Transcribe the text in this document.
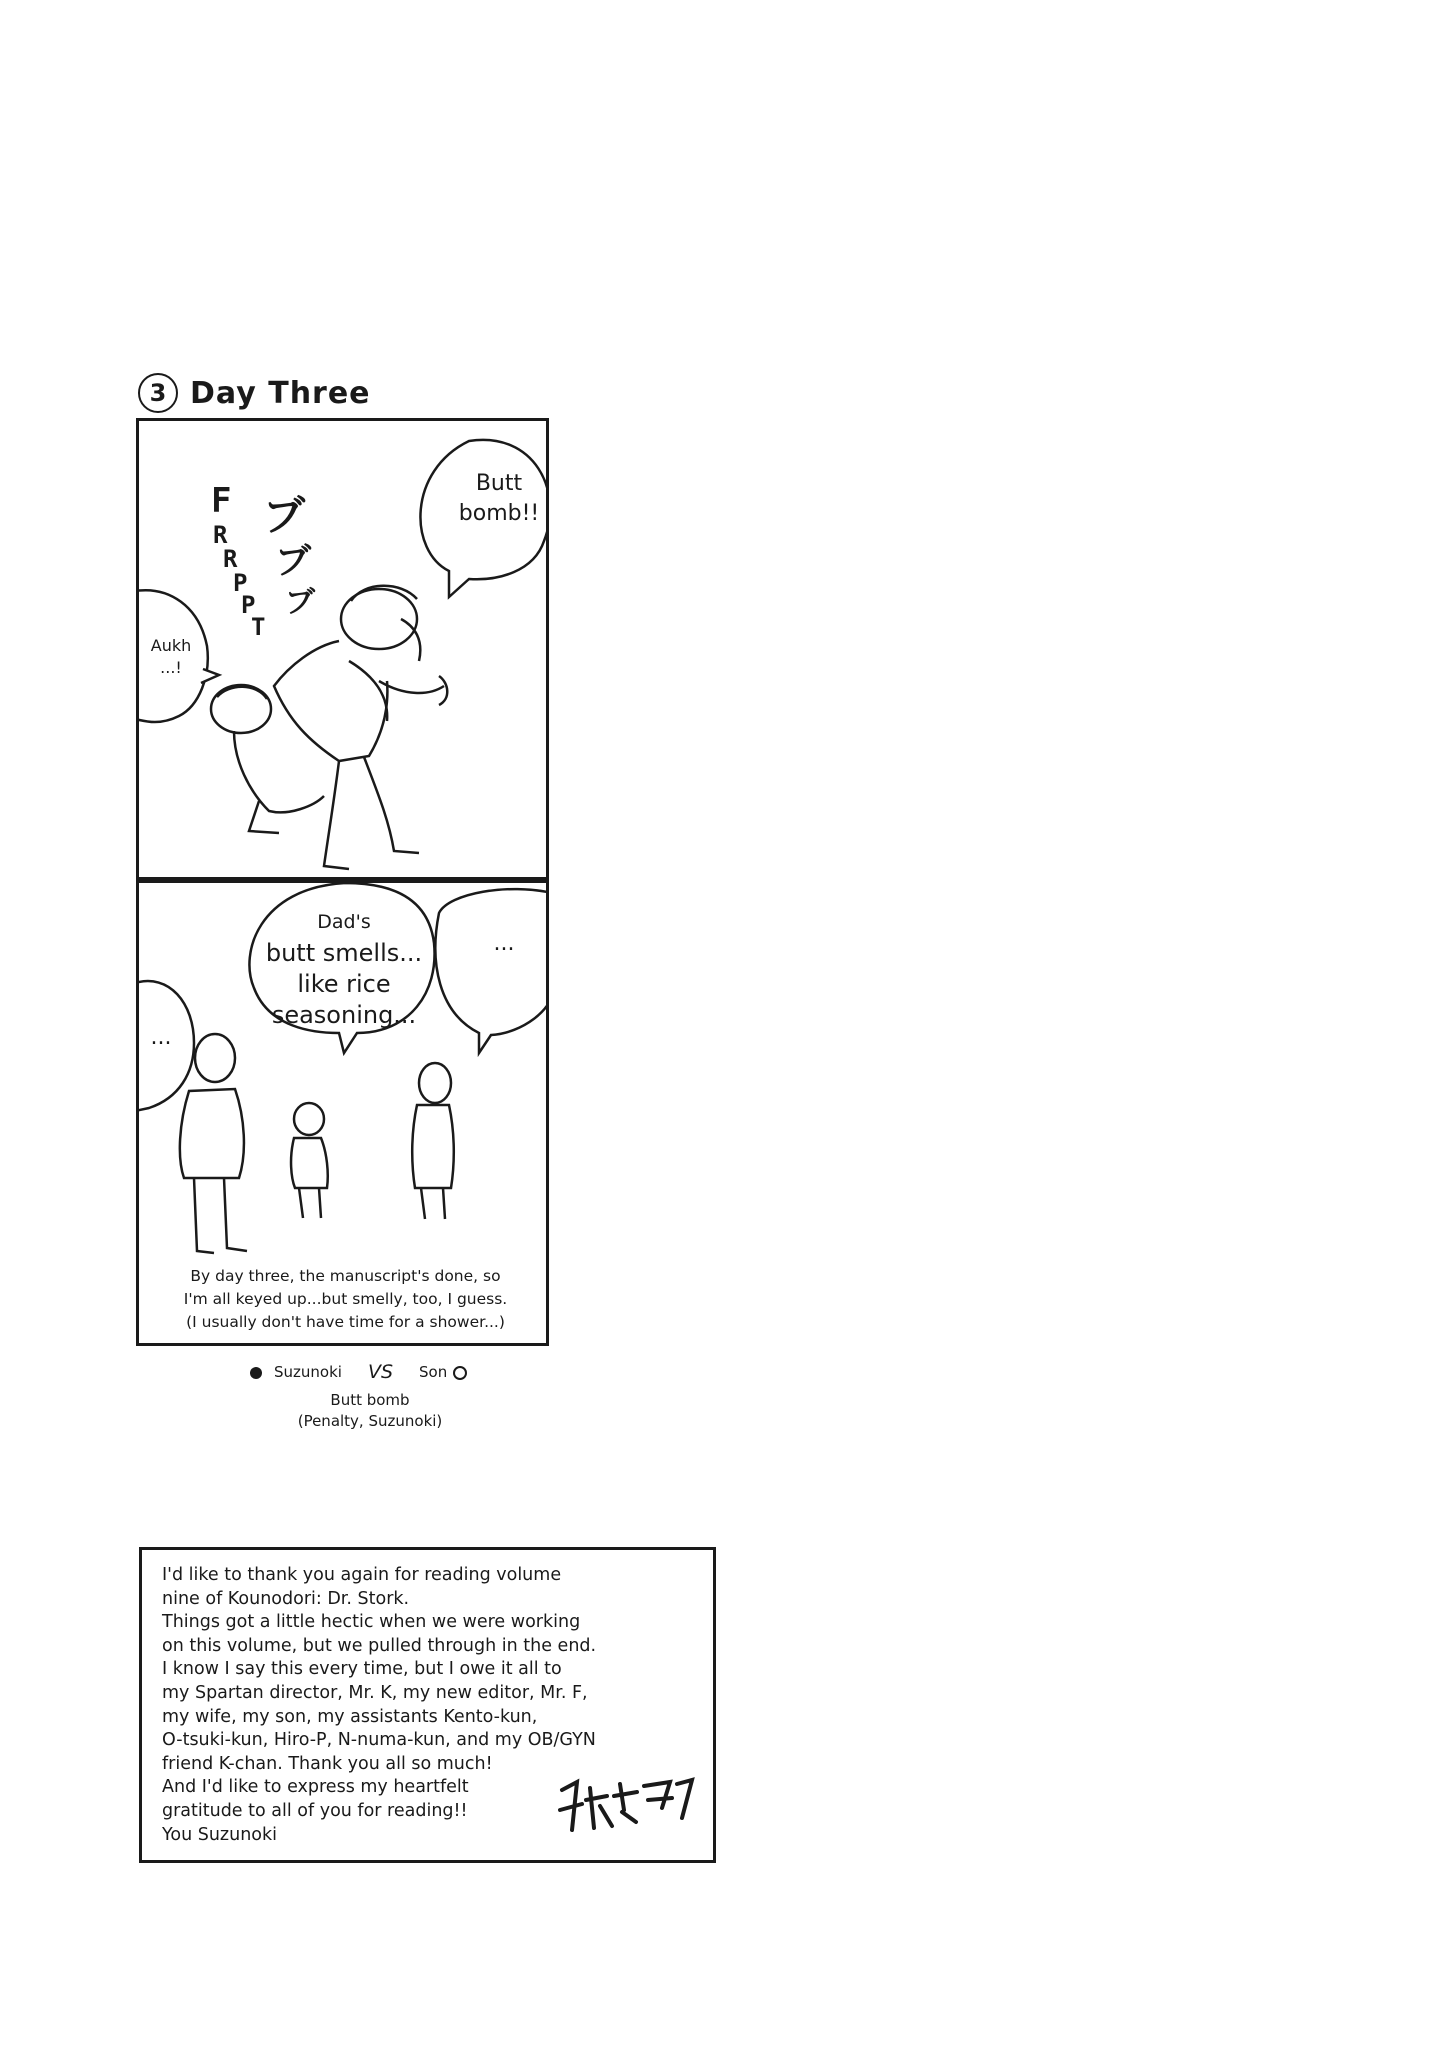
3 Day Three
Butt
bomb!!
Aukh
...!
F
R
R
P
P
T
ブ
ブ
ブ
Dad's
butt smells...
like rice
seasoning...
...
...
By day three, the manuscript's done, so
I'm all keyed up...but smelly, too, I guess.
(I usually don't have time for a shower...)
Suzunoki VS Son
Butt bomb
(Penalty, Suzunoki)
I'd like to thank you again for reading volume
nine of Kounodori: Dr. Stork.
Things got a little hectic when we were working
on this volume, but we pulled through in the end.
I know I say this every time, but I owe it all to
my Spartan director, Mr. K, my new editor, Mr. F,
my wife, my son, my assistants Kento-kun,
O-tsuki-kun, Hiro-P, N-numa-kun, and my OB/GYN
friend K-chan. Thank you all so much!
And I'd like to express my heartfelt
gratitude to all of you for reading!!
You Suzunoki
